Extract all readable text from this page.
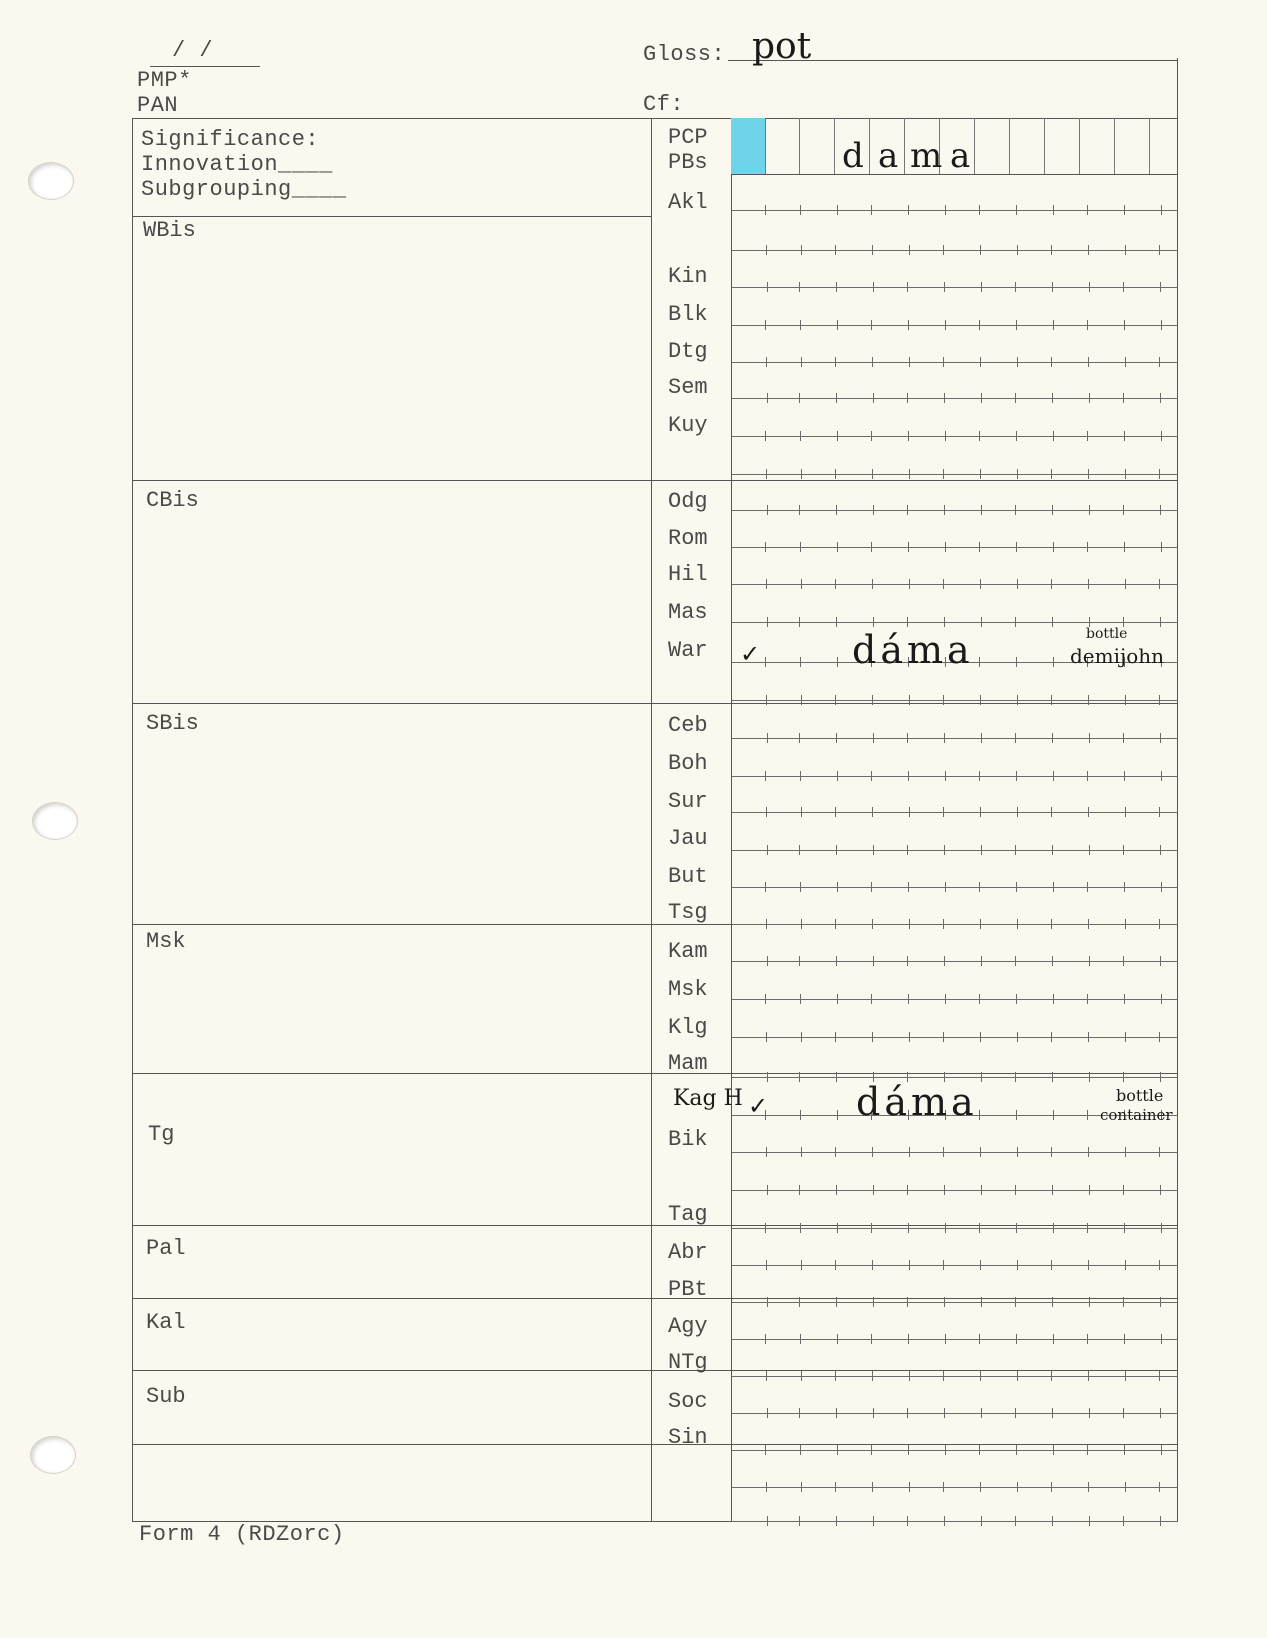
/ /
PMP*
PAN
Gloss: pot
Cf:
Significance:
Innovation____
Subgrouping____
d a m a
PCP
PBs
WBis
CBis
SBis
Msk
Tg
Pal
Kal
Sub
Akl
Kin
Blk
Dtg
Sem
Kuy
Odg
Rom
Hil
Mas
War
Ceb
Boh
Sur
Jau
But
Tsg
Kam
Msk
Klg
Mam
Kag H
Bik
Tag
Abr
PBt
Agy
NTg
Soc
Sin
✓ dáma	bottle
demijohn
✓ dáma	bottle
container
Form 4 (RDZorc)
